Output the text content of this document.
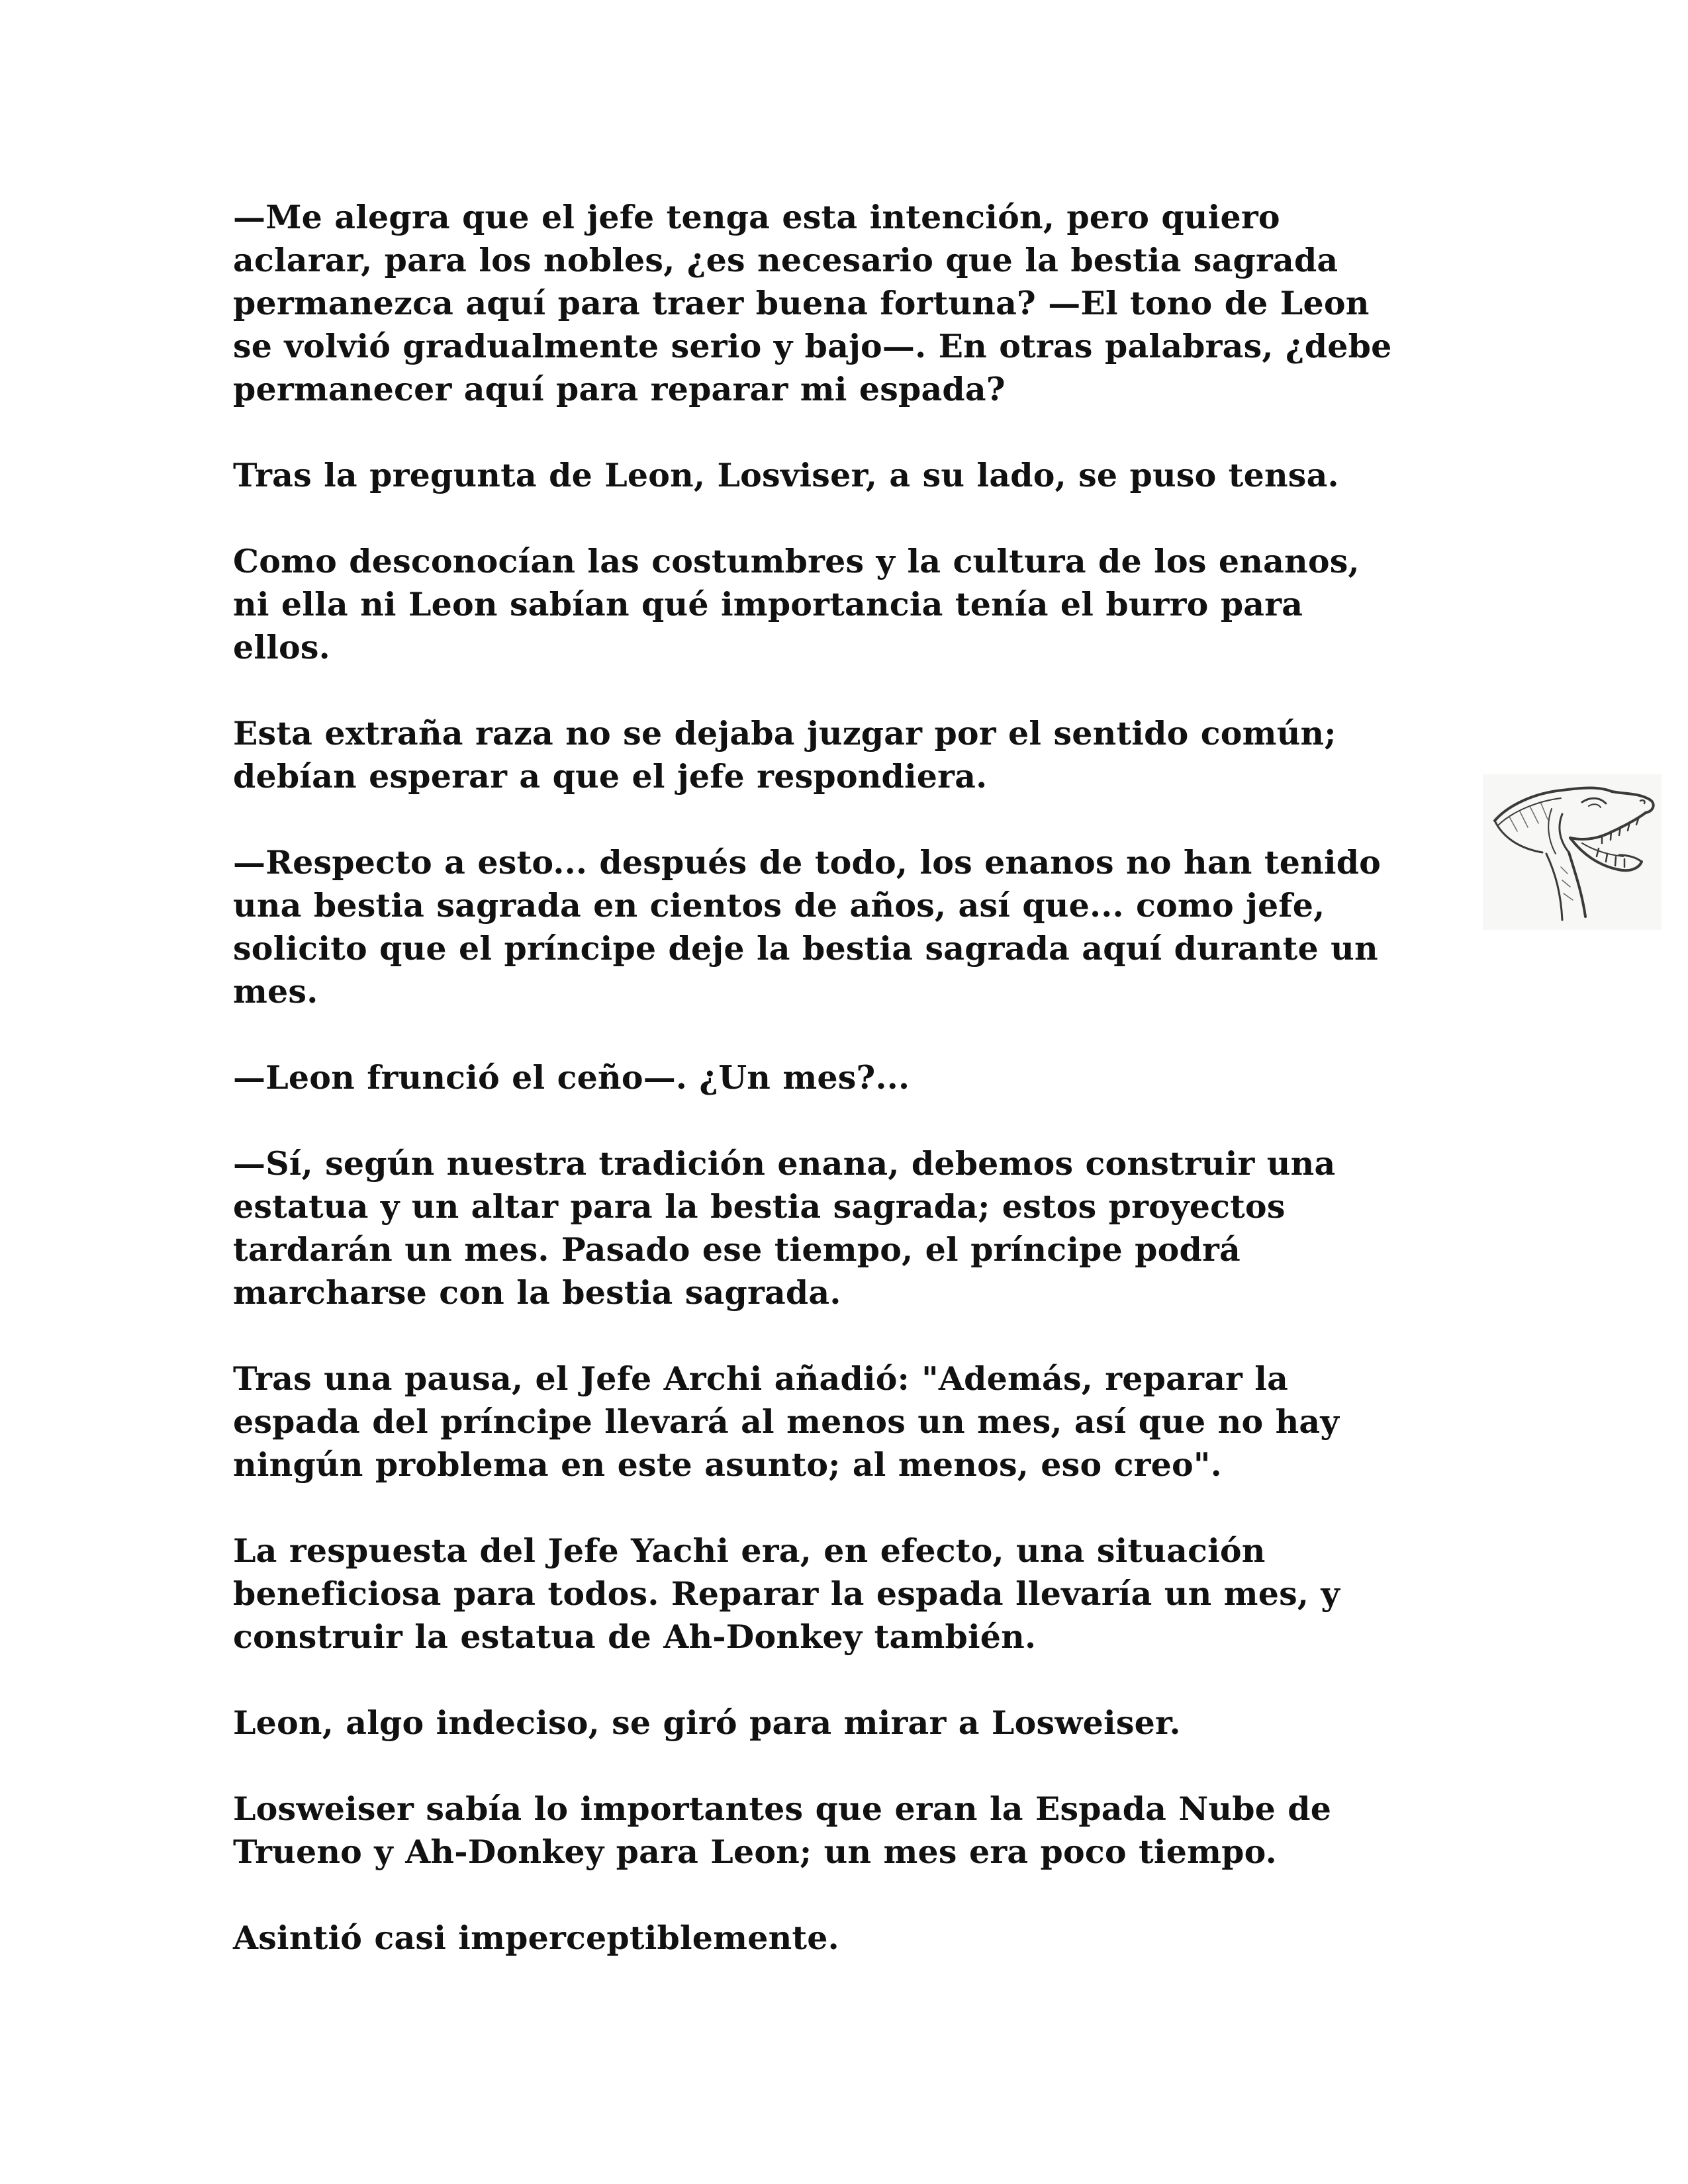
—Me alegra que el jefe tenga esta intención, pero quiero
aclarar, para los nobles, ¿es necesario que la bestia sagrada
permanezca aquí para traer buena fortuna? —El tono de Leon
se volvió gradualmente serio y bajo—. En otras palabras, ¿debe
permanecer aquí para reparar mi espada?

Tras la pregunta de Leon, Losviser, a su lado, se puso tensa.

Como desconocían las costumbres y la cultura de los enanos,
ni ella ni Leon sabían qué importancia tenía el burro para
ellos.

Esta extraña raza no se dejaba juzgar por el sentido común;
debían esperar a que el jefe respondiera.

—Respecto a esto... después de todo, los enanos no han tenido
una bestia sagrada en cientos de años, así que... como jefe,
solicito que el príncipe deje la bestia sagrada aquí durante un
mes.

—Leon frunció el ceño—. ¿Un mes?...

—Sí, según nuestra tradición enana, debemos construir una
estatua y un altar para la bestia sagrada; estos proyectos
tardarán un mes. Pasado ese tiempo, el príncipe podrá
marcharse con la bestia sagrada.

Tras una pausa, el Jefe Archi añadió: "Además, reparar la
espada del príncipe llevará al menos un mes, así que no hay
ningún problema en este asunto; al menos, eso creo".

La respuesta del Jefe Yachi era, en efecto, una situación
beneficiosa para todos. Reparar la espada llevaría un mes, y
construir la estatua de Ah-Donkey también.

Leon, algo indeciso, se giró para mirar a Losweiser.

Losweiser sabía lo importantes que eran la Espada Nube de
Trueno y Ah-Donkey para Leon; un mes era poco tiempo.

Asintió casi imperceptiblemente.
